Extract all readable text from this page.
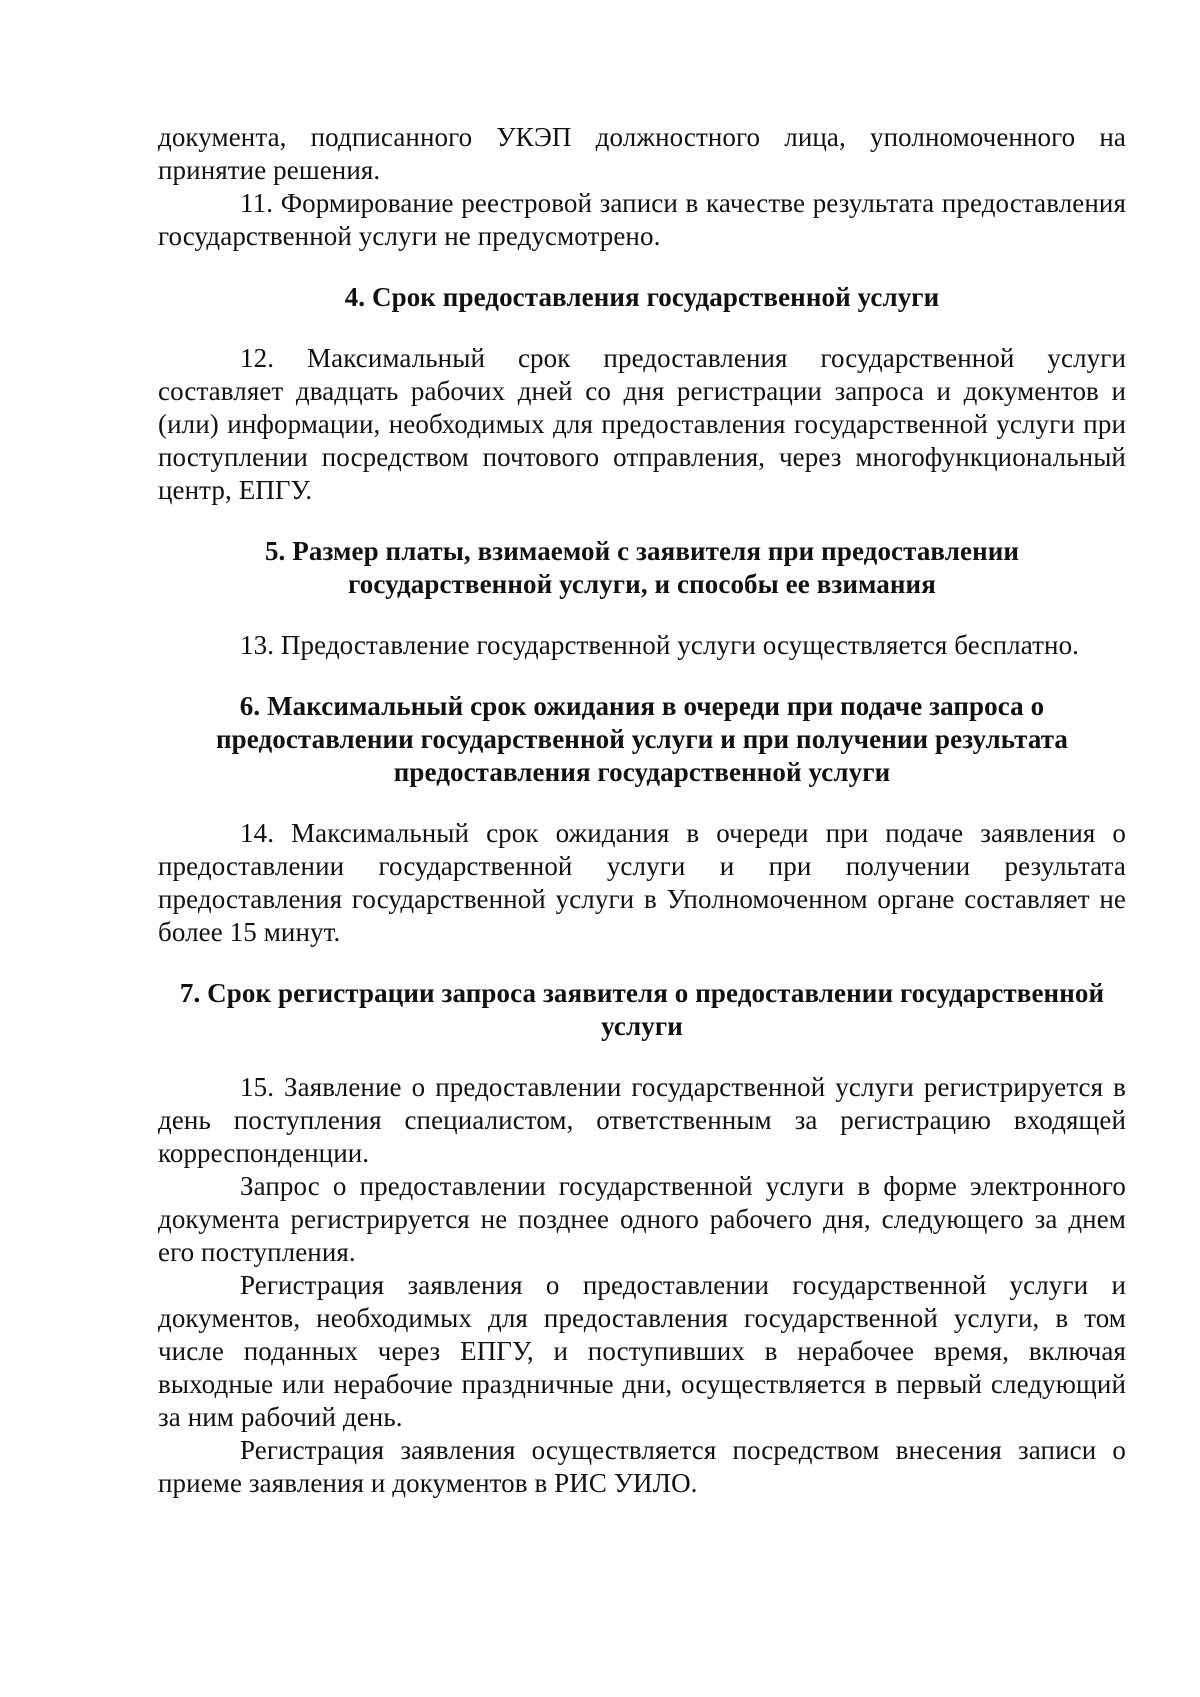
документа, подписанного УКЭП должностного лица, уполномоченного на принятие решения.

11. Формирование реестровой записи в качестве результата предоставления государственной услуги не предусмотрено.

4. Срок предоставления государственной услуги

12. Максимальный срок предоставления государственной услуги составляет двадцать рабочих дней со дня регистрации запроса и документов и (или) информации, необходимых для предоставления государственной услуги при поступлении посредством почтового отправления, через многофункциональный центр, ЕПГУ.

5. Размер платы, взимаемой с заявителя при предоставлении
государственной услуги, и способы ее взимания

13. Предоставление государственной услуги осуществляется бесплатно.

6. Максимальный срок ожидания в очереди при подаче запроса о
предоставлении государственной услуги и при получении результата
предоставления государственной услуги

14. Максимальный срок ожидания в очереди при подаче заявления о предоставлении государственной услуги и при получении результата предоставления государственной услуги в Уполномоченном органе составляет не более 15 минут.

7. Срок регистрации запроса заявителя о предоставлении государственной
услуги

15. Заявление о предоставлении государственной услуги регистрируется в день поступления специалистом, ответственным за регистрацию входящей корреспонденции.

Запрос о предоставлении государственной услуги в форме электронного документа регистрируется не позднее одного рабочего дня, следующего за днем его поступления.

Регистрация заявления о предоставлении государственной услуги и документов, необходимых для предоставления государственной услуги, в том числе поданных через ЕПГУ, и поступивших в нерабочее время, включая выходные или нерабочие праздничные дни, осуществляется в первый следующий за ним рабочий день.

Регистрация заявления осуществляется посредством внесения записи о приеме заявления и документов в РИС УИЛО.
